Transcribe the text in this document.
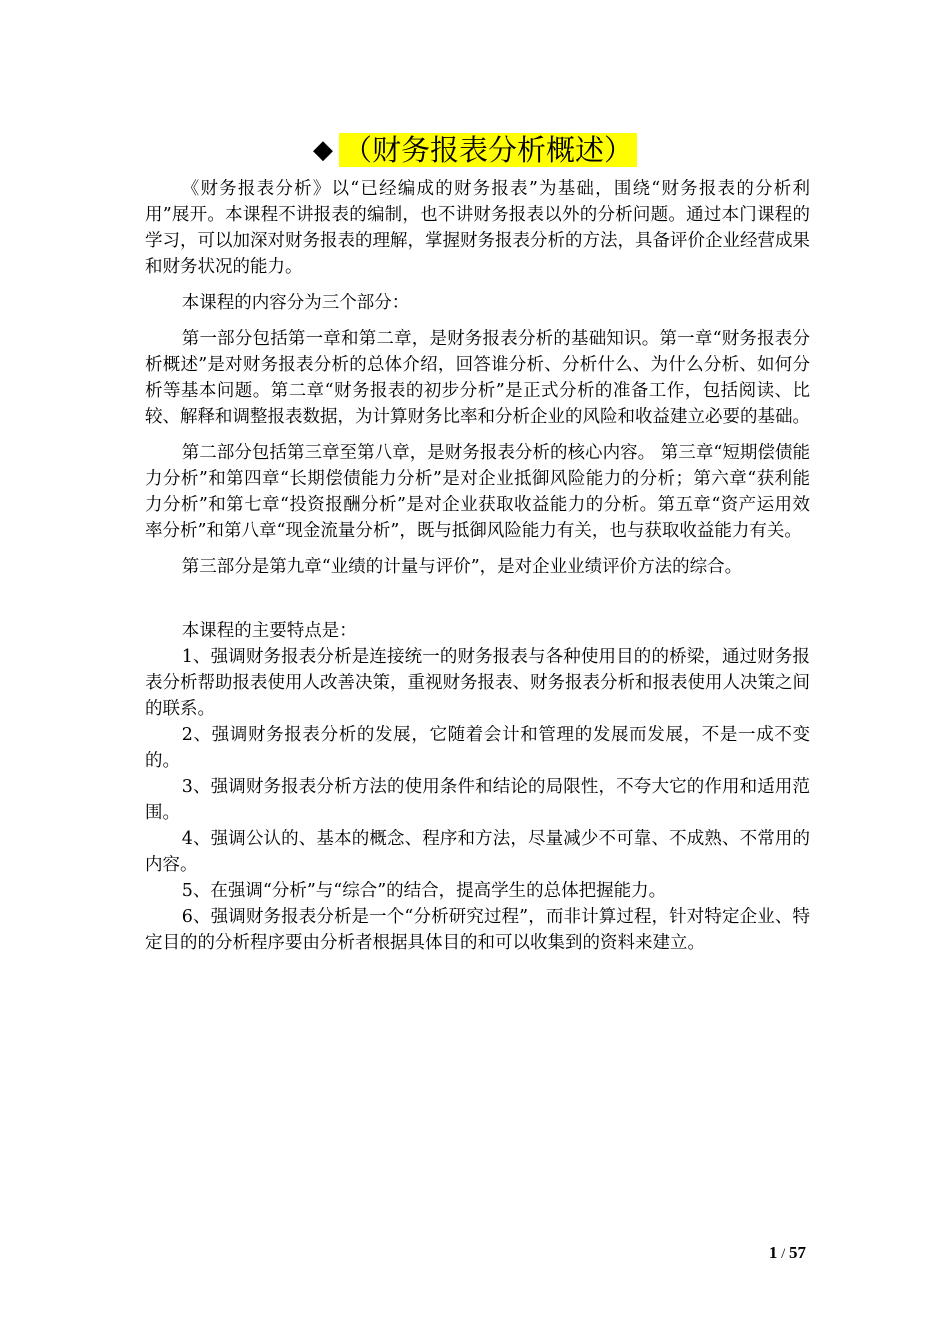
◆ （财务报表分析概述）

《财务报表分析》以“已经编成的财务报表”为基础，围绕“财务报表的分析利用”展开。本课程不讲报表的编制，也不讲财务报表以外的分析问题。通过本门课程的学习，可以加深对财务报表的理解，掌握财务报表分析的方法，具备评价企业经营成果和财务状况的能力。

本课程的内容分为三个部分：

第一部分包括第一章和第二章，是财务报表分析的基础知识。第一章“财务报表分析概述”是对财务报表分析的总体介绍，回答谁分析、分析什么、为什么分析、如何分析等基本问题。第二章“财务报表的初步分析”是正式分析的准备工作，包括阅读、比较、解释和调整报表数据，为计算财务比率和分析企业的风险和收益建立必要的基础。

第二部分包括第三章至第八章，是财务报表分析的核心内容。 第三章“短期偿债能力分析”和第四章“长期偿债能力分析”是对企业抵御风险能力的分析；第六章“获利能力分析”和第七章“投资报酬分析”是对企业获取收益能力的分析。第五章“资产运用效率分析”和第八章“现金流量分析”，既与抵御风险能力有关，也与获取收益能力有关。

第三部分是第九章“业绩的计量与评价”，是对企业业绩评价方法的综合。

本课程的主要特点是：

1、强调财务报表分析是连接统一的财务报表与各种使用目的的桥梁，通过财务报表分析帮助报表使用人改善决策，重视财务报表、财务报表分析和报表使用人决策之间的联系。

2、强调财务报表分析的发展，它随着会计和管理的发展而发展，不是一成不变的。

3、强调财务报表分析方法的使用条件和结论的局限性，不夸大它的作用和适用范围。

4、强调公认的、基本的概念、程序和方法，尽量减少不可靠、不成熟、不常用的内容。

5、在强调“分析”与“综合”的结合，提高学生的总体把握能力。

6、强调财务报表分析是一个“分析研究过程”，而非计算过程，针对特定企业、特定目的的分析程序要由分析者根据具体目的和可以收集到的资料来建立。

1 / 57
